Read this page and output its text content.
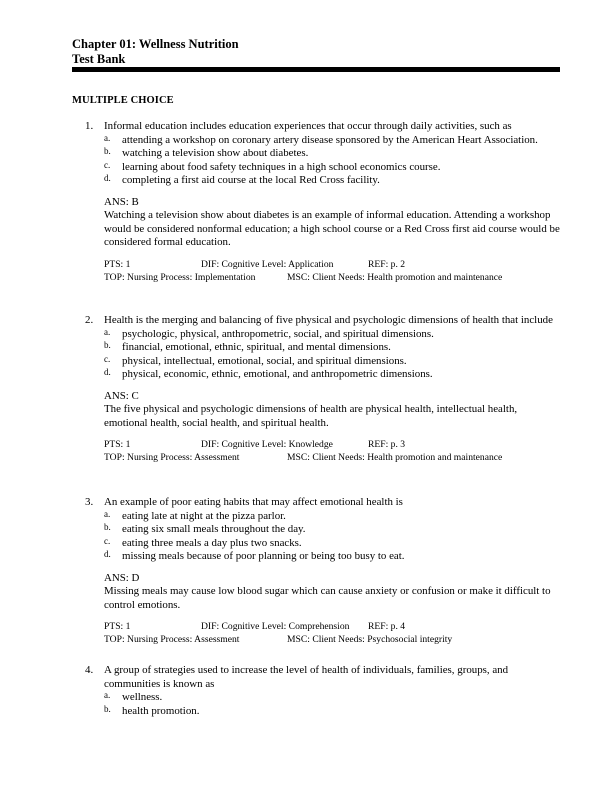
Chapter 01: Wellness Nutrition
Test Bank
MULTIPLE CHOICE
1. Informal education includes education experiences that occur through daily activities, such as
a. attending a workshop on coronary artery disease sponsored by the American Heart Association.
b. watching a television show about diabetes.
c. learning about food safety techniques in a high school economics course.
d. completing a first aid course at the local Red Cross facility.
ANS: B
Watching a television show about diabetes is an example of informal education. Attending a workshop would be considered nonformal education; a high school course or a Red Cross first aid course would be considered formal education.
PTS: 1	DIF: Cognitive Level: Application	REF: p. 2
TOP: Nursing Process: Implementation	MSC: Client Needs: Health promotion and maintenance
2. Health is the merging and balancing of five physical and psychologic dimensions of health that include
a. psychologic, physical, anthropometric, social, and spiritual dimensions.
b. financial, emotional, ethnic, spiritual, and mental dimensions.
c. physical, intellectual, emotional, social, and spiritual dimensions.
d. physical, economic, ethnic, emotional, and anthropometric dimensions.
ANS: C
The five physical and psychologic dimensions of health are physical health, intellectual health, emotional health, social health, and spiritual health.
PTS: 1	DIF: Cognitive Level: Knowledge	REF: p. 3
TOP: Nursing Process: Assessment	MSC: Client Needs: Health promotion and maintenance
3. An example of poor eating habits that may affect emotional health is
a. eating late at night at the pizza parlor.
b. eating six small meals throughout the day.
c. eating three meals a day plus two snacks.
d. missing meals because of poor planning or being too busy to eat.
ANS: D
Missing meals may cause low blood sugar which can cause anxiety or confusion or make it difficult to control emotions.
PTS: 1	DIF: Cognitive Level: Comprehension	REF: p. 4
TOP: Nursing Process: Assessment	MSC: Client Needs: Psychosocial integrity
4. A group of strategies used to increase the level of health of individuals, families, groups, and communities is known as
a. wellness.
b. health promotion.
